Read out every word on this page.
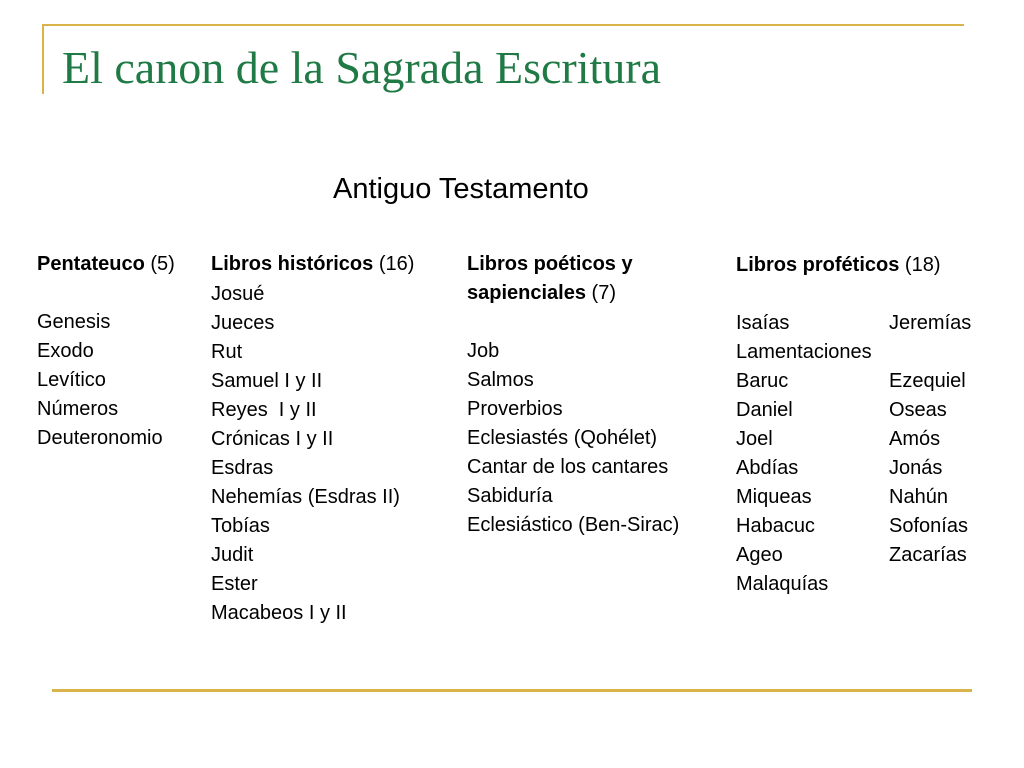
El canon de la Sagrada Escritura
Antiguo Testamento
Pentateuco (5)
Genesis
Exodo
Levítico
Números
Deuteronomio
Libros históricos (16)
Josué
Jueces
Rut
Samuel I y II
Reyes  I y II
Crónicas I y II
Esdras
Nehemías (Esdras II)
Tobías
Judit
Ester
Macabeos I y II
Libros poéticos y
sapienciales (7)
Job
Salmos
Proverbios
Eclesiastés (Qohélet)
Cantar de los cantares
Sabiduría
Eclesiástico (Ben-Sirac)
Libros proféticos (18)
Isaías	Jeremías
Lamentaciones
Baruc	Ezequiel
Daniel	Oseas
Joel	Amós
Abdías	Jonás
Miqueas	Nahún
Habacuc	Sofonías
Ageo	Zacarías
Malaquías
